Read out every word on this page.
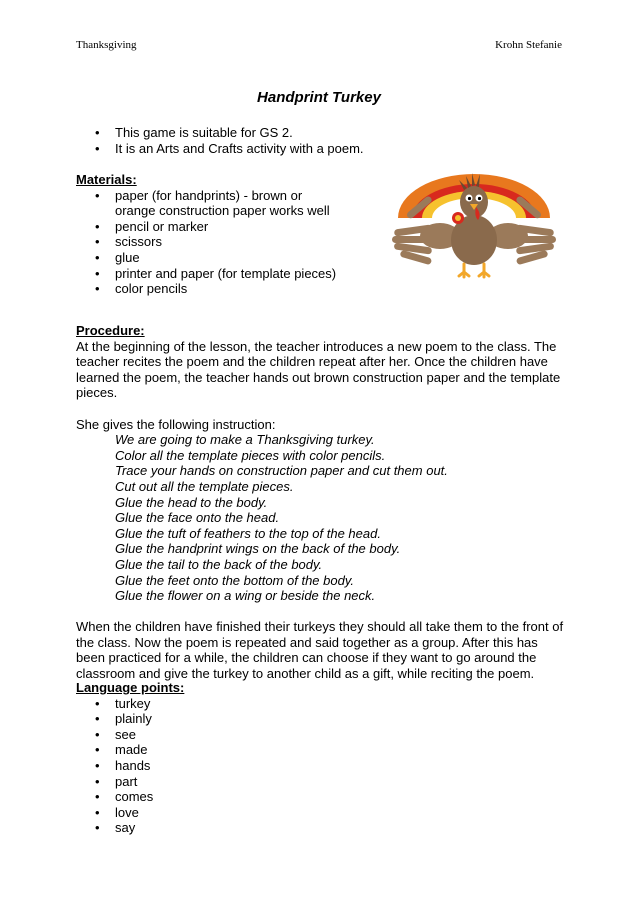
Thanksgiving	Krohn Stefanie
Handprint Turkey
• This game is suitable for GS 2.
• It is an Arts and Crafts activity with a poem.
Materials:
• paper (for handprints) - brown or orange construction paper works well
• pencil or marker
• scissors
• glue
• printer and paper (for template pieces)
• color pencils
Procedure:

At the beginning of the lesson, the teacher introduces a new poem to the class. The teacher recites the poem and the children repeat after her. Once the children have learned the poem, the teacher hands out brown construction paper and the template pieces.

She gives the following instruction:

We are going to make a Thanksgiving turkey.
Color all the template pieces with color pencils.
Trace your hands on construction paper and cut them out.
Cut out all the template pieces.
Glue the head to the body.
Glue the face onto the head.
Glue the tuft of feathers to the top of the head.
Glue the handprint wings on the back of the body.
Glue the tail to the back of the body.
Glue the feet onto the bottom of the body.
Glue the flower on a wing or beside the neck.

When the children have finished their turkeys they should all take them to the front of the class. Now the poem is repeated and said together as a group. After this has been practiced for a while, the children can choose if they want to go around the classroom and give the turkey to another child as a gift, while reciting the poem.

Language points:
• turkey
• plainly
• see
• made
• hands
• part
• comes
• love
• say
